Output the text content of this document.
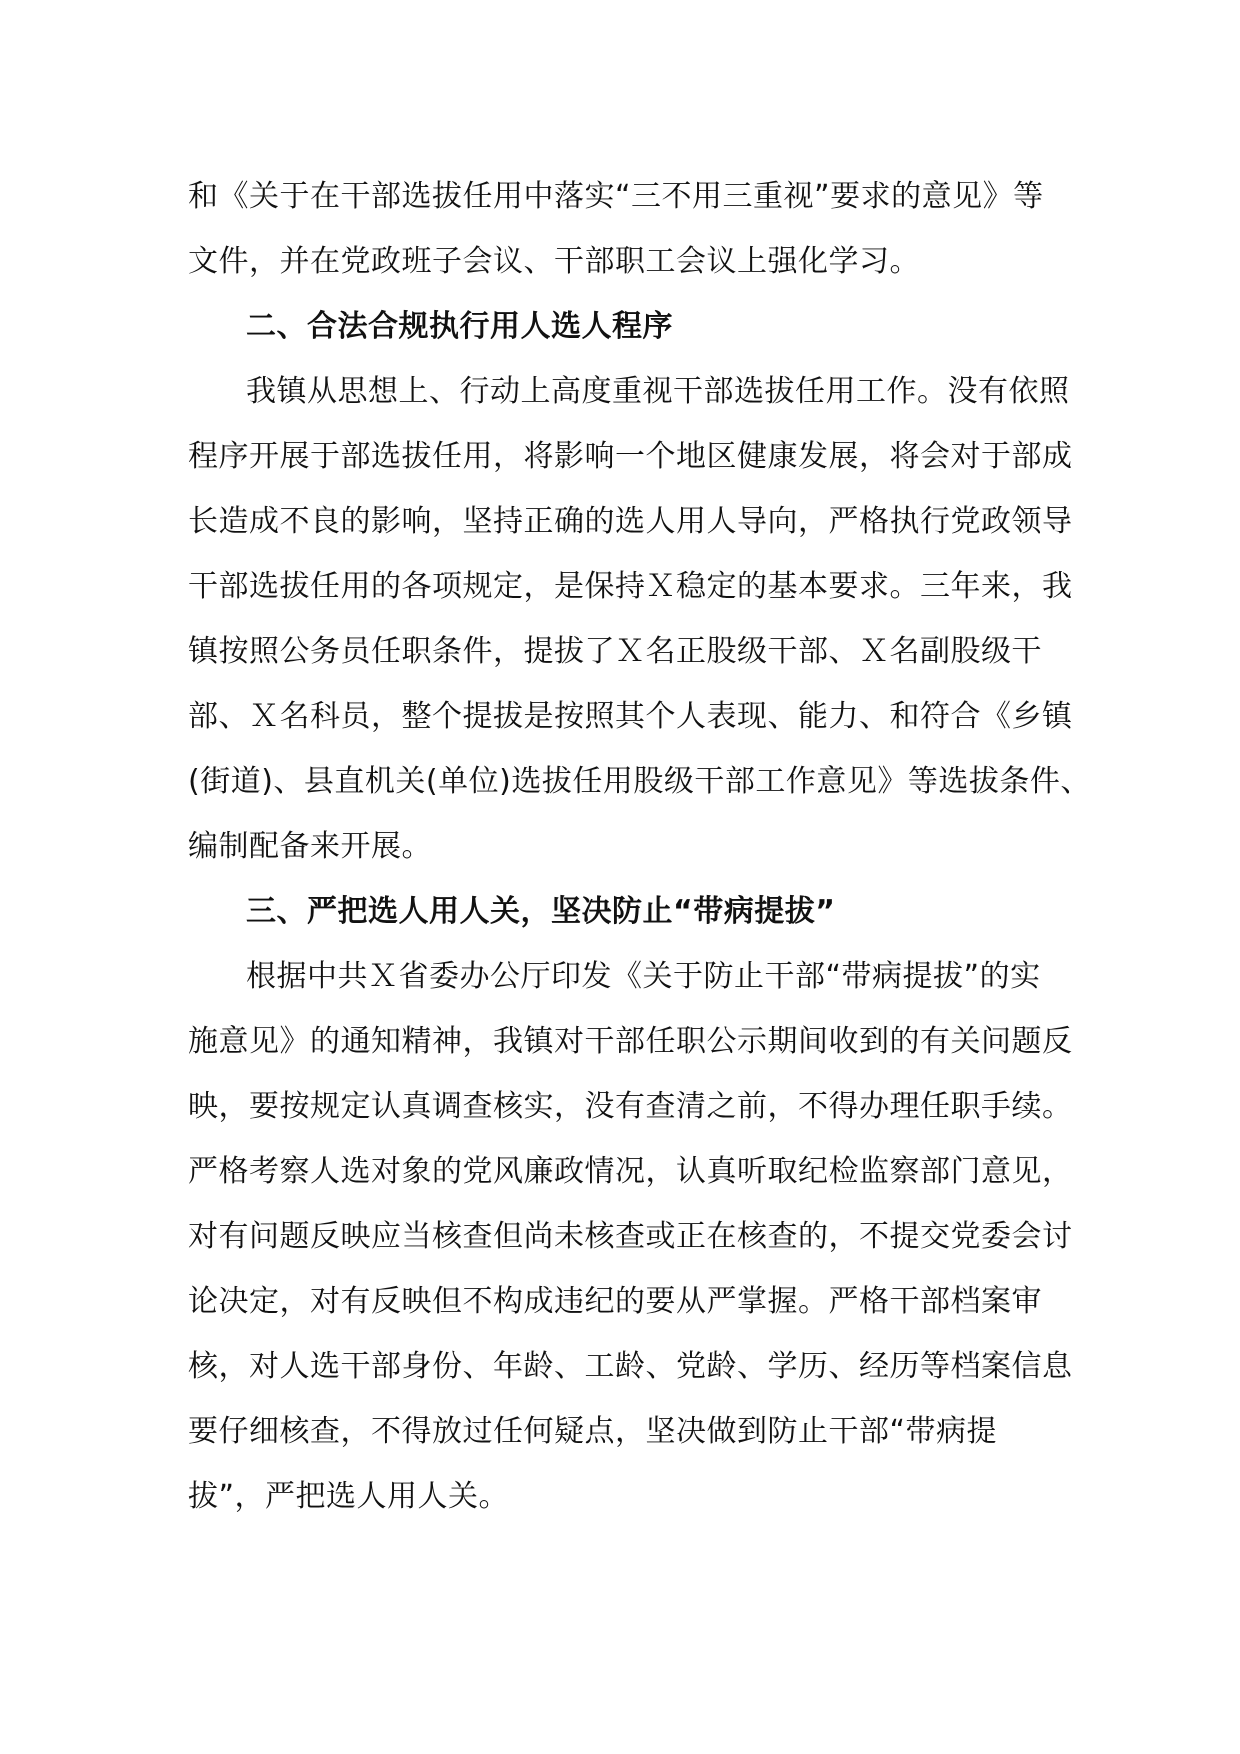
和《关于在干部选拔任用中落实“三不用三重视”要求的意见》等
文件，并在党政班子会议、干部职工会议上强化学习。
二、合法合规执行用人选人程序
我镇从思想上、行动上高度重视干部选拔任用工作。没有依照
程序开展于部选拔任用，将影响一个地区健康发展，将会对于部成
长造成不良的影响，坚持正确的选人用人导向，严格执行党政领导
干部选拔任用的各项规定，是保持Ｘ稳定的基本要求。三年来，我
镇按照公务员任职条件，提拔了Ｘ名正股级干部、Ｘ名副股级干
部、Ｘ名科员，整个提拔是按照其个人表现、能力、和符合《乡镇
(街道)、县直机关(单位)选拔任用股级干部工作意见》等选拔条件、
编制配备来开展。
三、严把选人用人关，坚决防止“带病提拔”
根据中共Ｘ省委办公厅印发《关于防止干部“带病提拔”的实
施意见》的通知精神，我镇对干部任职公示期间收到的有关问题反
映，要按规定认真调查核实，没有查清之前，不得办理任职手续。
严格考察人选对象的党风廉政情况，认真听取纪检监察部门意见，
对有问题反映应当核查但尚未核查或正在核查的，不提交党委会讨
论决定，对有反映但不构成违纪的要从严掌握。严格干部档案审
核，对人选干部身份、年龄、工龄、党龄、学历、经历等档案信息
要仔细核查，不得放过任何疑点，坚决做到防止干部“带病提
拔”，严把选人用人关。
